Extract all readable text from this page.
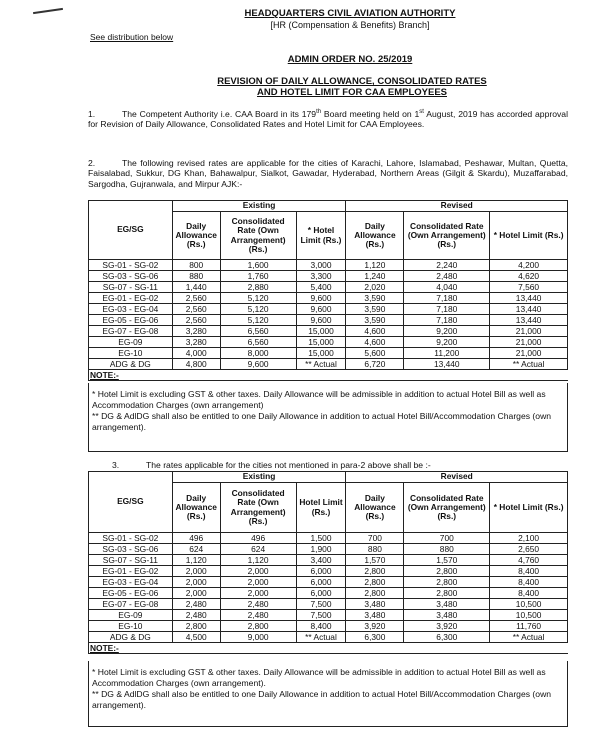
HEADQUARTERS CIVIL AVIATION AUTHORITY
[HR (Compensation & Benefits) Branch]
See distribution below
ADMIN ORDER NO. 25/2019
REVISION OF DAILY ALLOWANCE, CONSOLIDATED RATES
AND HOTEL LIMIT FOR CAA EMPLOYEES
1.	The Competent Authority i.e. CAA Board in its 179th Board meeting held on 1st August, 2019 has accorded approval for Revision of Daily Allowance, Consolidated Rates and Hotel Limit for CAA Employees.
2.	The following revised rates are applicable for the cities of Karachi, Lahore, Islamabad, Peshawar, Multan, Quetta, Faisalabad, Sukkur, DG Khan, Bahawalpur, Sialkot, Gawadar, Hyderabad, Northern Areas (Gilgit & Skardu), Muzaffarabad, Sargodha, Gujranwala, and Mirpur AJK:-
EG/SG	Existing			Revised		
	Daily Allowance (Rs.)	Consolidated Rate (Own Arrangement) (Rs.)	* Hotel Limit (Rs.)	Daily Allowance (Rs.)	Consolidated Rate (Own Arrangement) (Rs.)	* Hotel Limit (Rs.)
SG-01 - SG-02	800	1,600	3,000	1,120	2,240	4,200
SG-03 - SG-06	880	1,760	3,300	1,240	2,480	4,620
SG-07 - SG-11	1,440	2,880	5,400	2,020	4,040	7,560
EG-01 - EG-02	2,560	5,120	9,600	3,590	7,180	13,440
EG-03 - EG-04	2,560	5,120	9,600	3,590	7,180	13,440
EG-05 - EG-06	2,560	5,120	9,600	3,590	7,180	13,440
EG-07 - EG-08	3,280	6,560	15,000	4,600	9,200	21,000
EG-09	3,280	6,560	15,000	4,600	9,200	21,000
EG-10	4,000	8,000	15,000	5,600	11,200	21,000
ADG & DG	4,800	9,600	** Actual	6,720	13,440	** Actual
NOTE:-						

* Hotel Limit is excluding GST & other taxes. Daily Allowance will be admissible in addition to actual Hotel Bill as well as Accommodation Charges (own arrangement)

** DG & AdlDG shall also be entitled to one Daily Allowance in addition to actual Hotel Bill/Accommodation Charges (own arrangement).

3.	The rates applicable for the cities not mentioned in para-2 above shall be :-
EG/SG	Existing			Revised		
	Daily Allowance (Rs.)	Consolidated Rate (Own Arrangement) (Rs.)	Hotel Limit (Rs.)	Daily Allowance (Rs.)	Consolidated Rate (Own Arrangement) (Rs.)	* Hotel Limit (Rs.)
SG-01 - SG-02	496	496	1,500	700	700	2,100
SG-03 - SG-06	624	624	1,900	880	880	2,650
SG-07 - SG-11	1,120	1,120	3,400	1,570	1,570	4,760
EG-01 - EG-02	2,000	2,000	6,000	2,800	2,800	8,400
EG-03 - EG-04	2,000	2,000	6,000	2,800	2,800	8,400
EG-05 - EG-06	2,000	2,000	6,000	2,800	2,800	8,400
EG-07 - EG-08	2,480	2,480	7,500	3,480	3,480	10,500
EG-09	2,480	2,480	7,500	3,480	3,480	10,500
EG-10	2,800	2,800	8,400	3,920	3,920	11,760
ADG & DG	4,500	9,000	** Actual	6,300	6,300	** Actual
NOTE:-						

* Hotel Limit is excluding GST & other taxes. Daily Allowance will be admissible in addition to actual Hotel Bill as well as Accommodation Charges (own arrangement).

** DG & AdlDG shall also be entitled to one Daily Allowance in addition to actual Hotel Bill/Accommodation Charges (own arrangement).
